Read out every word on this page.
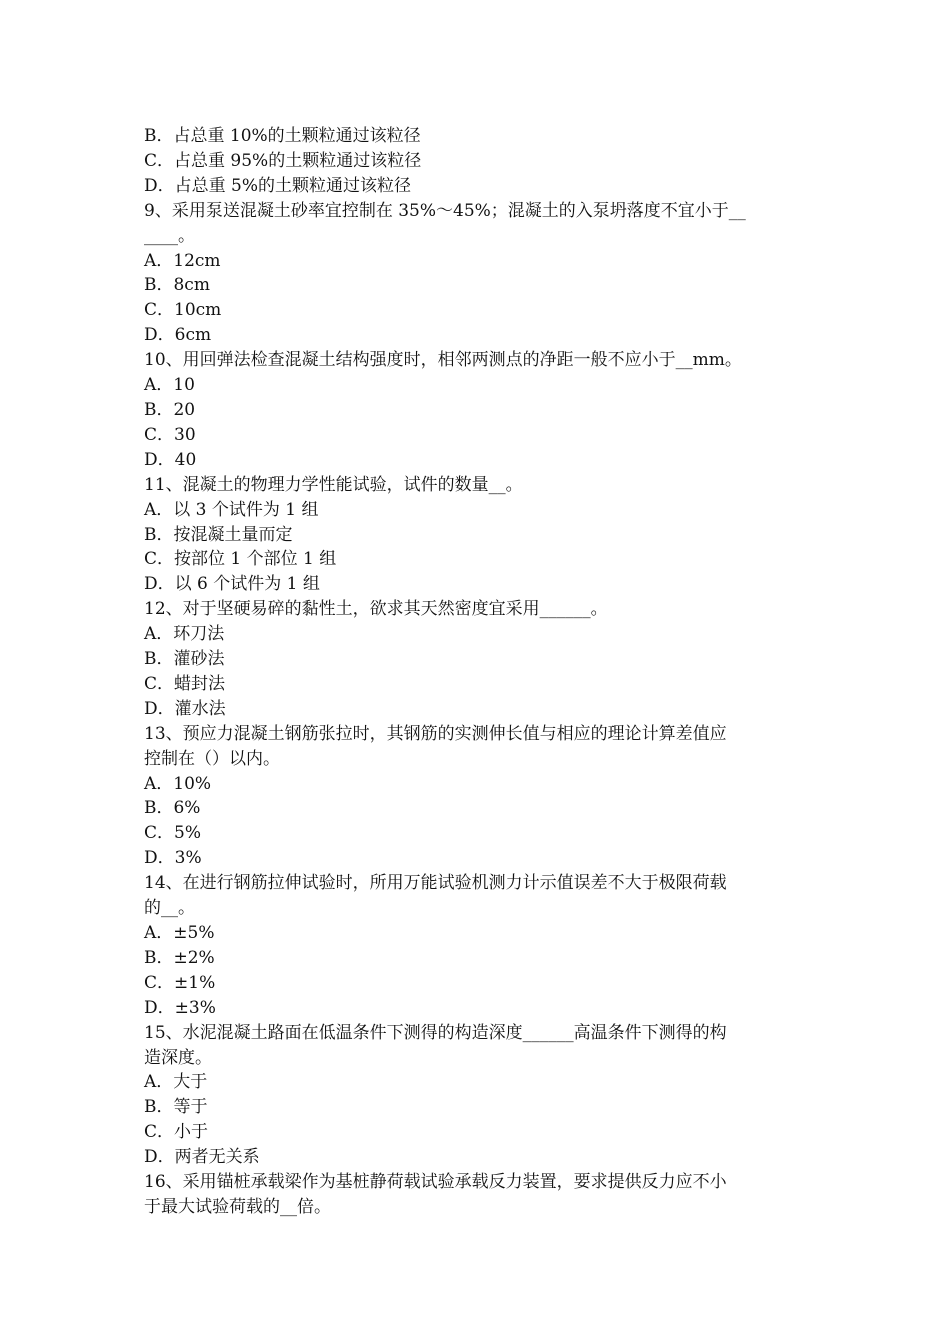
B．占总重 10%的土颗粒通过该粒径

C．占总重 95%的土颗粒通过该粒径

D．占总重 5%的土颗粒通过该粒径

9、采用泵送混凝土砂率宜控制在 35%～45%；混凝土的入泵坍落度不宜小于__

____。

A．12cm

B．8cm

C．10cm

D．6cm

10、用回弹法检查混凝土结构强度时，相邻两测点的净距一般不应小于__mm。

A．10

B．20

C．30

D．40

11、混凝土的物理力学性能试验，试件的数量__。

A．以 3 个试件为 1 组

B．按混凝土量而定

C．按部位 1 个部位 1 组

D．以 6 个试件为 1 组

12、对于坚硬易碎的黏性土，欲求其天然密度宜采用______。

A．环刀法

B．灌砂法

C．蜡封法

D．灌水法

13、预应力混凝土钢筋张拉时，其钢筋的实测伸长值与相应的理论计算差值应

控制在（）以内。

A．10%

B．6%

C．5%

D．3%

14、在进行钢筋拉伸试验时，所用万能试验机测力计示值误差不大于极限荷载

的__。

A．±5%

B．±2%

C．±1%

D．±3%

15、水泥混凝土路面在低温条件下测得的构造深度______高温条件下测得的构

造深度。

A．大于

B．等于

C．小于

D．两者无关系

16、采用锚桩承载梁作为基桩静荷载试验承载反力装置，要求提供反力应不小

于最大试验荷载的__倍。
